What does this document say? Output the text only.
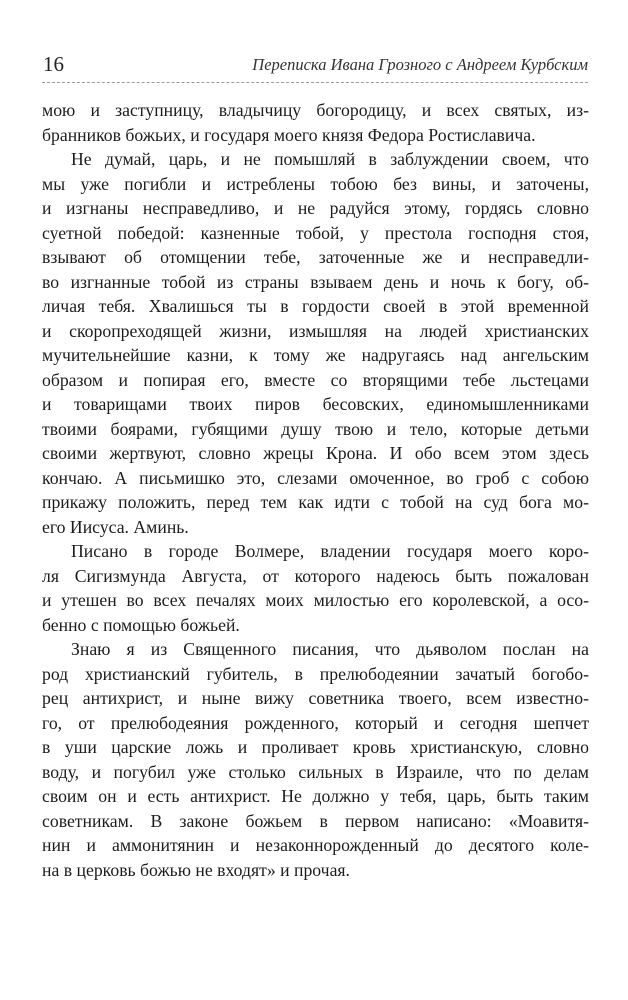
16	Переписка Ивана Грозного с Андреем Курбским
мою и заступницу, владычицу богородицу, и всех святых, из-
бранников божьих, и государя моего князя Федора Ростиславича.
Не думай, царь, и не помышляй в заблуждении своем, что
мы уже погибли и истреблены тобою без вины, и заточены,
и изгнаны несправедливо, и не радуйся этому, гордясь словно
суетной победой: казненные тобой, у престола господня стоя,
взывают об отомщении тебе, заточенные же и несправедли-
во изгнанные тобой из страны взываем день и ночь к богу, об-
личая тебя. Хвалишься ты в гордости своей в этой временной
и скоропреходящей жизни, измышляя на людей христианских
мучительнейшие казни, к тому же надругаясь над ангельским
образом и попирая его, вместе со вторящими тебе льстецами
и товарищами твоих пиров бесовских, единомышленниками
твоими боярами, губящими душу твою и тело, которые детьми
своими жертвуют, словно жрецы Крона. И обо всем этом здесь
кончаю. А письмишко это, слезами омоченное, во гроб с собою
прикажу положить, перед тем как идти с тобой на суд бога мо-
его Иисуса. Аминь.
Писано в городе Волмере, владении государя моего коро-
ля Сигизмунда Августа, от которого надеюсь быть пожалован
и утешен во всех печалях моих милостью его королевской, а осо-
бенно с помощью божьей.
Знаю я из Священного писания, что дьяволом послан на
род христианский губитель, в прелюбодеянии зачатый богобо-
рец антихрист, и ныне вижу советника твоего, всем известно-
го, от прелюбодеяния рожденного, который и сегодня шепчет
в уши царские ложь и проливает кровь христианскую, словно
воду, и погубил уже столько сильных в Израиле, что по делам
своим он и есть антихрист. Не должно у тебя, царь, быть таким
советникам. В законе божьем в первом написано: «Моавитя-
нин и аммонитянин и незаконнорожденный до десятого коле-
на в церковь божью не входят» и прочая.
